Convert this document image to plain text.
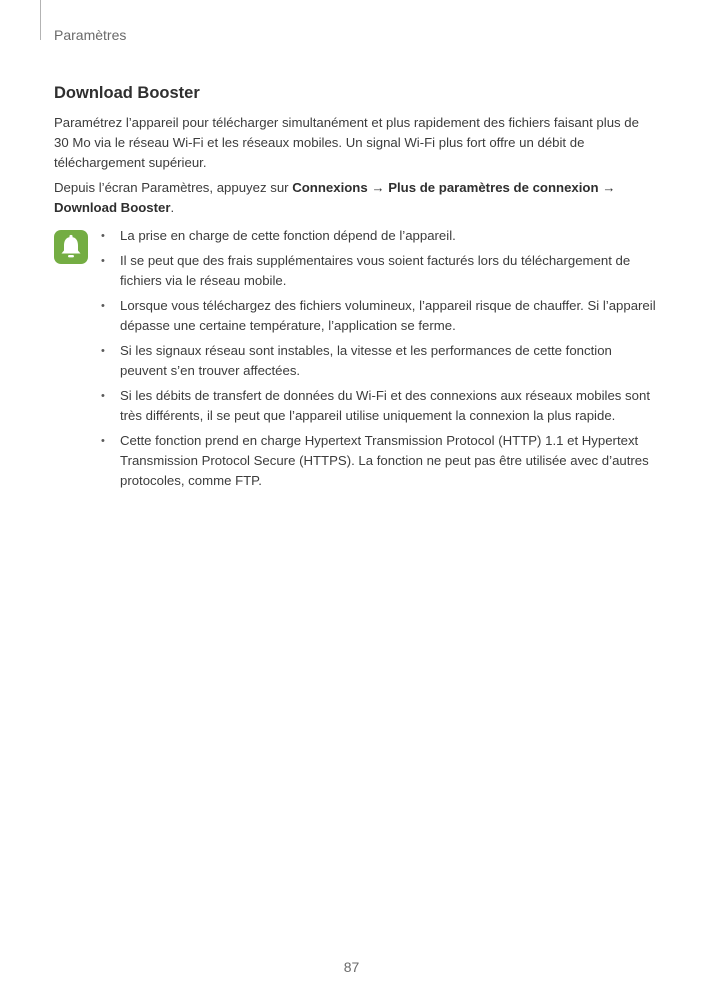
Paramètres
Download Booster

Paramétrez l’appareil pour télécharger simultanément et plus rapidement des fichiers faisant plus de 30 Mo via le réseau Wi-Fi et les réseaux mobiles. Un signal Wi-Fi plus fort offre un débit de téléchargement supérieur.

Depuis l’écran Paramètres, appuyez sur Connexions → Plus de paramètres de connexion → Download Booster.

• La prise en charge de cette fonction dépend de l’appareil.
• Il se peut que des frais supplémentaires vous soient facturés lors du téléchargement de fichiers via le réseau mobile.
• Lorsque vous téléchargez des fichiers volumineux, l’appareil risque de chauffer. Si l’appareil dépasse une certaine température, l’application se ferme.
• Si les signaux réseau sont instables, la vitesse et les performances de cette fonction peuvent s’en trouver affectées.
• Si les débits de transfert de données du Wi-Fi et des connexions aux réseaux mobiles sont très différents, il se peut que l’appareil utilise uniquement la connexion la plus rapide.
• Cette fonction prend en charge Hypertext Transmission Protocol (HTTP) 1.1 et Hypertext Transmission Protocol Secure (HTTPS). La fonction ne peut pas être utilisée avec d’autres protocoles, comme FTP.
87
